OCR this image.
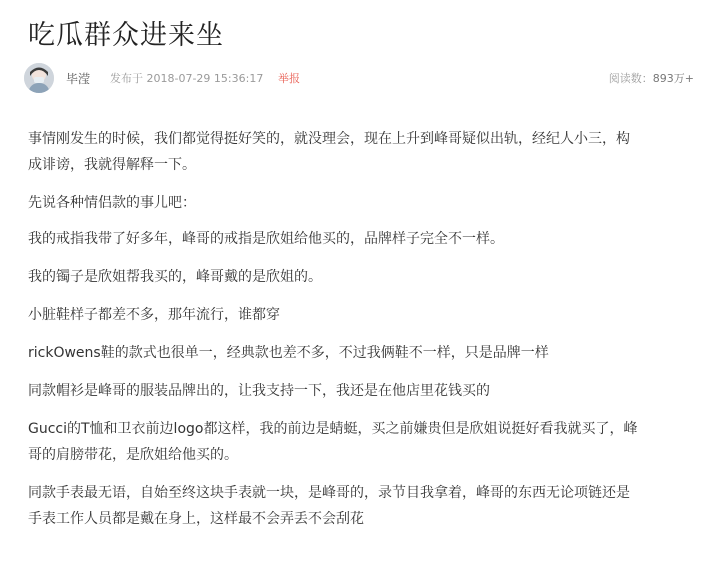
吃瓜群众进来坐
毕滢 发布于 2018-07-29 15:36:17 举报	阅读数：893万+

事情刚发生的时候，我们都觉得挺好笑的，就没理会，现在上升到峰哥疑似出轨，经纪人小三，构
成诽谤，我就得解释一下。

先说各种情侣款的事儿吧：

我的戒指我带了好多年，峰哥的戒指是欣姐给他买的，品牌样子完全不一样。

我的镯子是欣姐帮我买的，峰哥戴的是欣姐的。

小脏鞋样子都差不多，那年流行，谁都穿

rickOwens鞋的款式也很单一，经典款也差不多，不过我俩鞋不一样，只是品牌一样

同款帽衫是峰哥的服装品牌出的，让我支持一下，我还是在他店里花钱买的

Gucci的T恤和卫衣前边logo都这样，我的前边是蜻蜓，买之前嫌贵但是欣姐说挺好看我就买了，峰
哥的肩膀带花，是欣姐给他买的。

同款手表最无语，自始至终这块手表就一块，是峰哥的，录节目我拿着，峰哥的东西无论项链还是
手表工作人员都是戴在身上，这样最不会弄丢不会刮花
